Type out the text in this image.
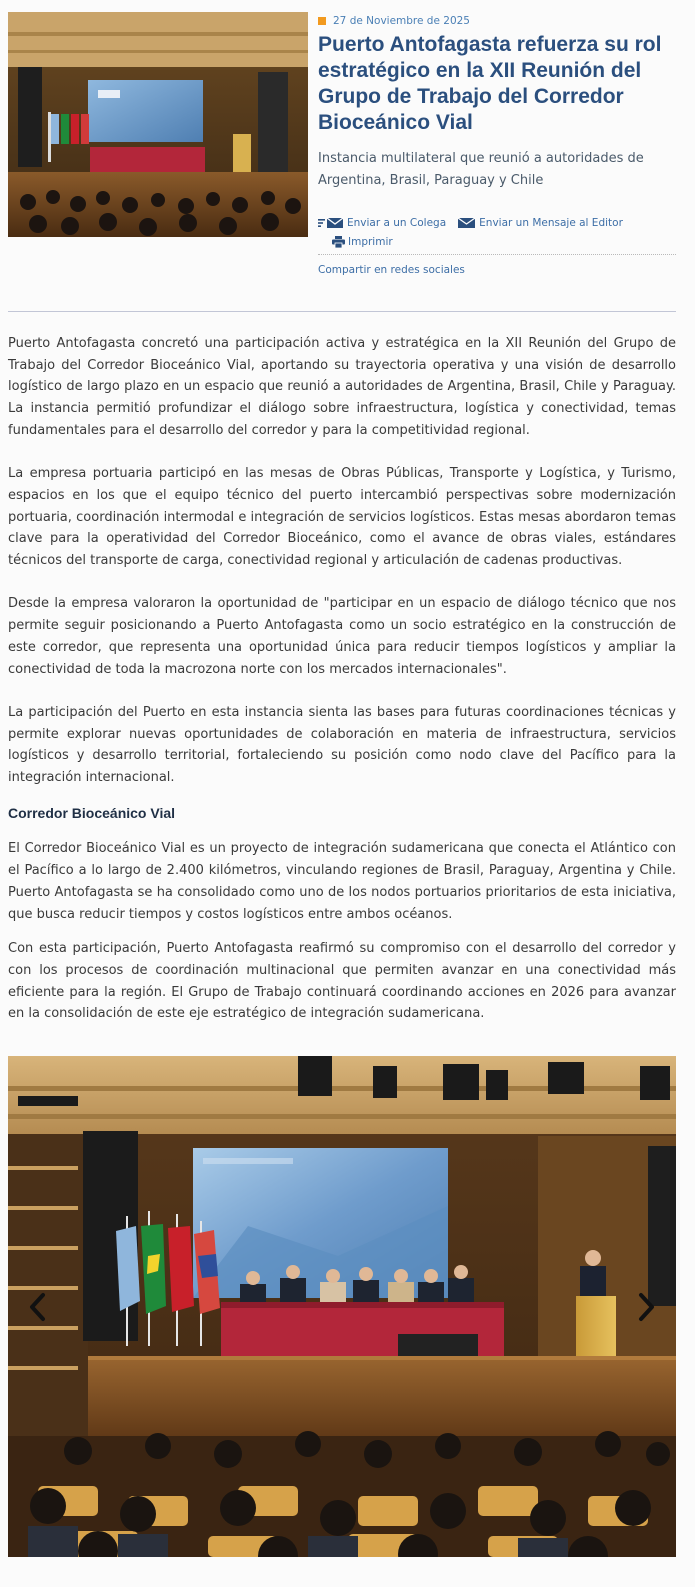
27 de Noviembre de 2025
Puerto Antofagasta refuerza su rol estratégico en la XII Reunión del Grupo de Trabajo del Corredor Bioceánico Vial

Instancia multilateral que reunió a autoridades de Argentina, Brasil, Paraguay y Chile

Enviar a un Colega	Enviar un Mensaje al Editor
Imprimir
Compartir en redes sociales

Puerto Antofagasta concretó una participación activa y estratégica en la XII Reunión del Grupo de Trabajo del Corredor Bioceánico Vial, aportando su trayectoria operativa y una visión de desarrollo logístico de largo plazo en un espacio que reunió a autoridades de Argentina, Brasil, Chile y Paraguay. La instancia permitió profundizar el diálogo sobre infraestructura, logística y conectividad, temas fundamentales para el desarrollo del corredor y para la competitividad regional.

La empresa portuaria participó en las mesas de Obras Públicas, Transporte y Logística, y Turismo, espacios en los que el equipo técnico del puerto intercambió perspectivas sobre modernización portuaria, coordinación intermodal e integración de servicios logísticos. Estas mesas abordaron temas clave para la operatividad del Corredor Bioceánico, como el avance de obras viales, estándares técnicos del transporte de carga, conectividad regional y articulación de cadenas productivas.

Desde la empresa valoraron la oportunidad de "participar en un espacio de diálogo técnico que nos permite seguir posicionando a Puerto Antofagasta como un socio estratégico en la construcción de este corredor, que representa una oportunidad única para reducir tiempos logísticos y ampliar la conectividad de toda la macrozona norte con los mercados internacionales".

La participación del Puerto en esta instancia sienta las bases para futuras coordinaciones técnicas y permite explorar nuevas oportunidades de colaboración en materia de infraestructura, servicios logísticos y desarrollo territorial, fortaleciendo su posición como nodo clave del Pacífico para la integración internacional.

Corredor Bioceánico Vial

El Corredor Bioceánico Vial es un proyecto de integración sudamericana que conecta el Atlántico con el Pacífico a lo largo de 2.400 kilómetros, vinculando regiones de Brasil, Paraguay, Argentina y Chile. Puerto Antofagasta se ha consolidado como uno de los nodos portuarios prioritarios de esta iniciativa, que busca reducir tiempos y costos logísticos entre ambos océanos.

Con esta participación, Puerto Antofagasta reafirmó su compromiso con el desarrollo del corredor y con los procesos de coordinación multinacional que permiten avanzar en una conectividad más eficiente para la región. El Grupo de Trabajo continuará coordinando acciones en 2026 para avanzar en la consolidación de este eje estratégico de integración sudamericana.
